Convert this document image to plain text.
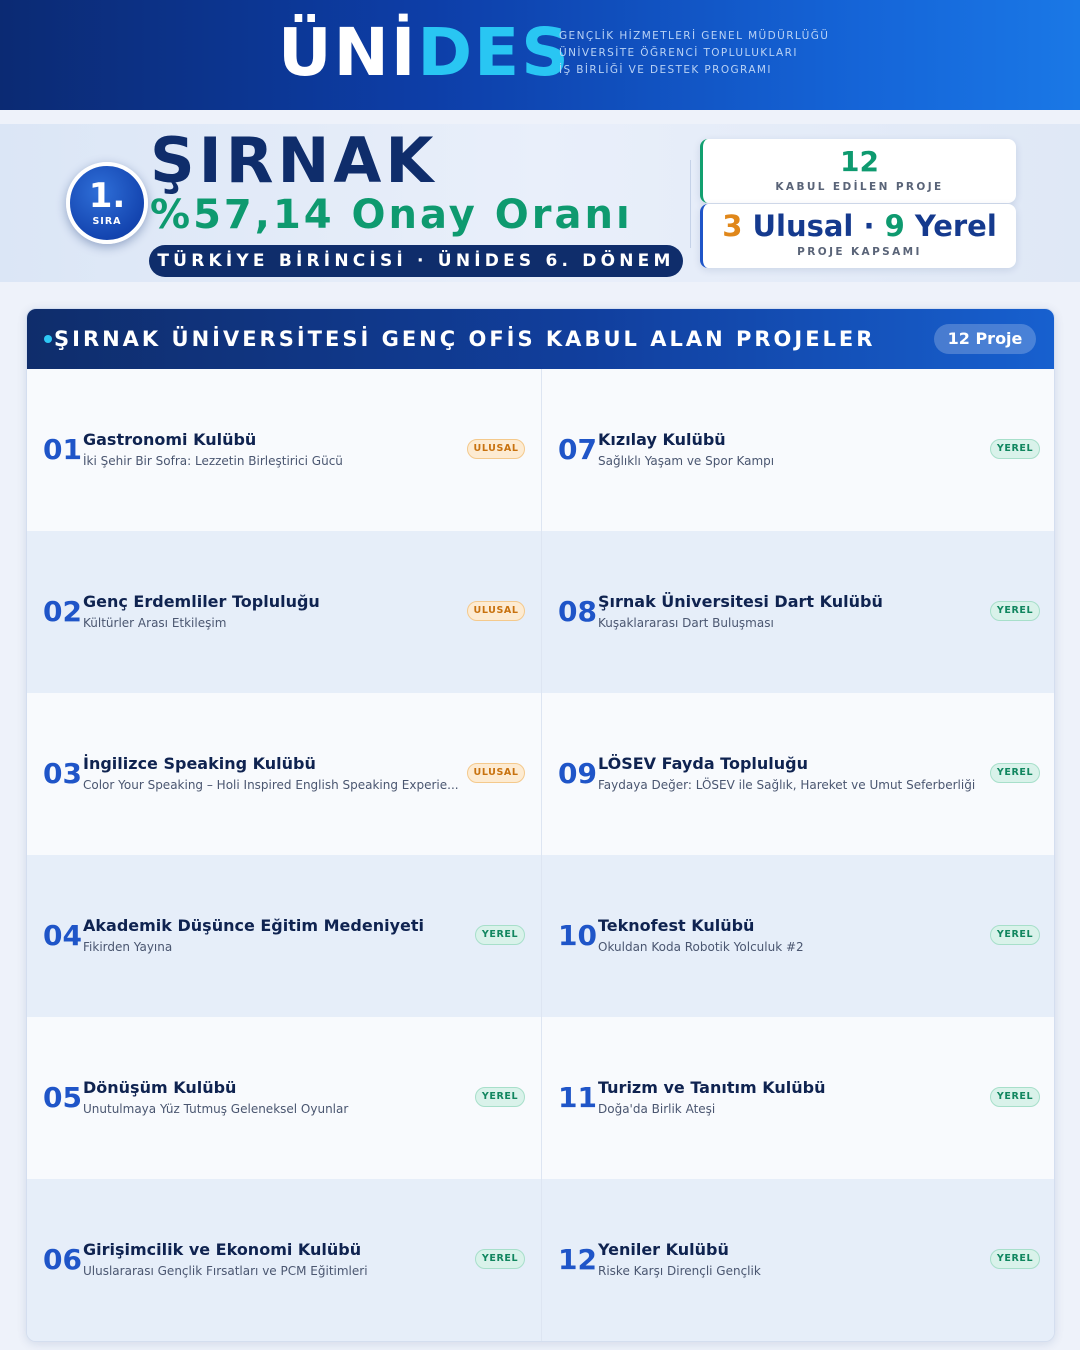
ÜNİDES
GENÇLİK HİZMETLERİ GENEL MÜDÜRLÜĞÜ
ÜNİVERSİTE ÖĞRENCİ TOPLULUKLARI
İŞ BİRLİĞİ VE DESTEK PROGRAMI
1.
SIRA
ŞIRNAK
%57,14 Onay Oranı
TÜRKİYE BİRİNCİSİ · ÜNİDES 6. DÖNEM
12
KABUL EDİLEN PROJE
3 Ulusal · 9 Yerel
PROJE KAPSAMI
ŞIRNAK ÜNİVERSİTESİ GENÇ OFİS KABUL ALAN PROJELER	12 Proje
01 Gastronomi Kulübü
İki Şehir Bir Sofra: Lezzetin Birleştirici Gücü
ULUSAL 07 Kızılay Kulübü
Sağlıklı Yaşam ve Spor Kampı
YEREL
02 Genç Erdemliler Topluluğu
Kültürler Arası Etkileşim
ULUSAL 08 Şırnak Üniversitesi Dart Kulübü
Kuşaklararası Dart Buluşması
YEREL
03 İngilizce Speaking Kulübü
Color Your Speaking – Holi Inspired English Speaking Experie...
ULUSAL 09 LÖSEV Fayda Topluluğu
Faydaya Değer: LÖSEV ile Sağlık, Hareket ve Umut Seferberliği
YEREL
04 Akademik Düşünce Eğitim Medeniyeti
Fikirden Yayına
YEREL 10 Teknofest Kulübü
Okuldan Koda Robotik Yolculuk #2
YEREL
05 Dönüşüm Kulübü
Unutulmaya Yüz Tutmuş Geleneksel Oyunlar
YEREL 11 Turizm ve Tanıtım Kulübü
Doğa'da Birlik Ateşi
YEREL
06 Girişimcilik ve Ekonomi Kulübü
Uluslararası Gençlik Fırsatları ve PCM Eğitimleri
YEREL 12 Yeniler Kulübü
Riske Karşı Dirençli Gençlik
YEREL
